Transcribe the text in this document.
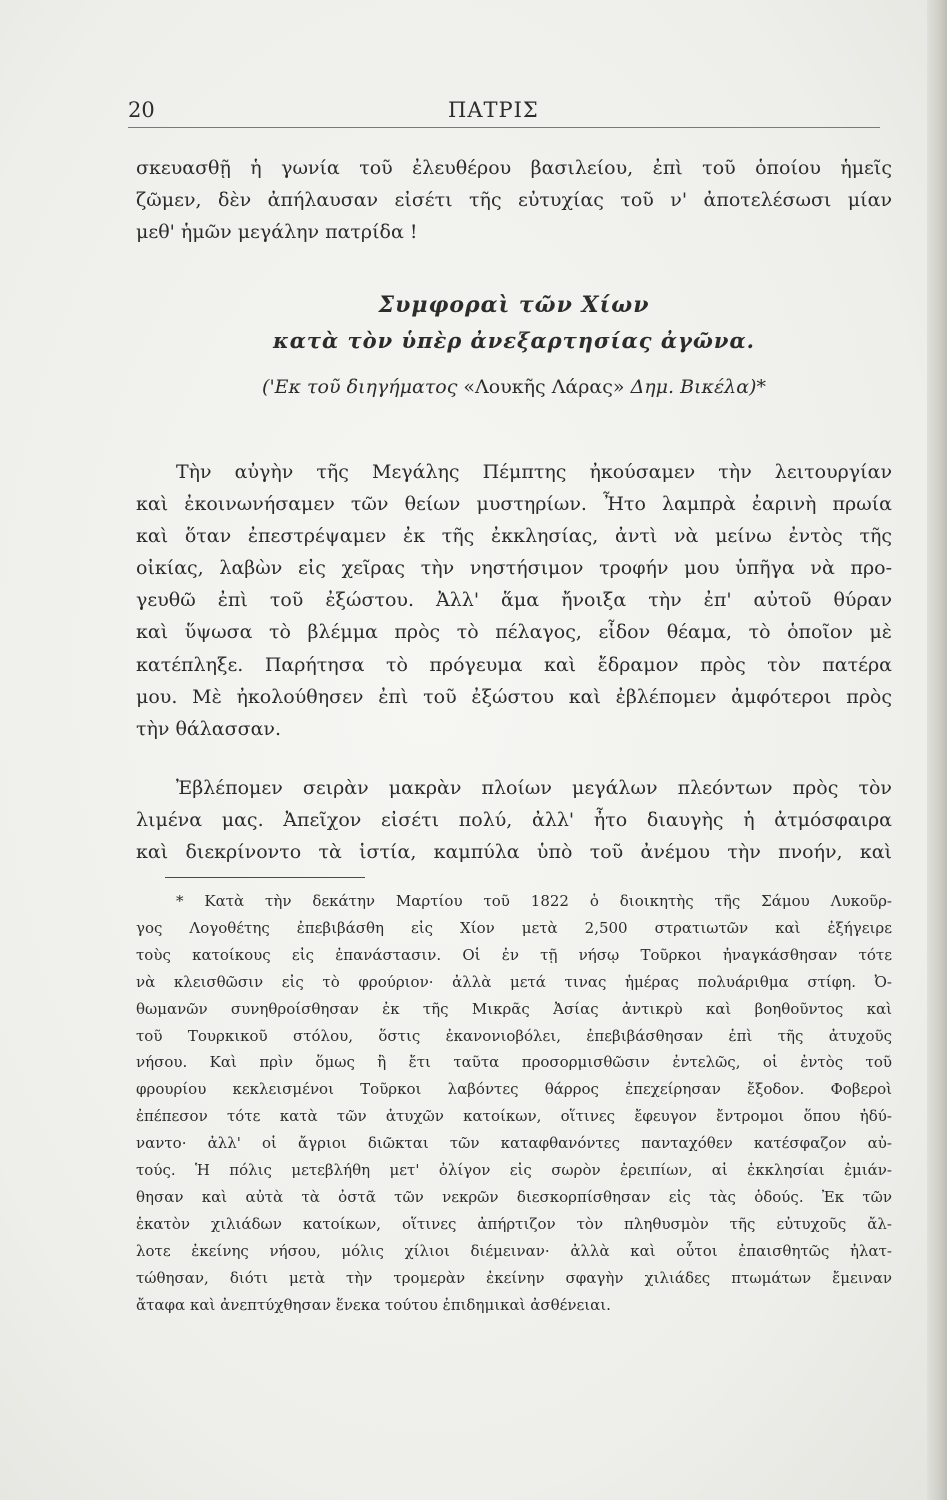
20	ΠΑΤΡΙΣ
σκευασθῇ ἡ γωνία τοῦ ἐλευθέρου βασιλείου, ἐπὶ τοῦ ὁποίου ἡμεῖς
ζῶμεν, δὲν ἀπήλαυσαν εἰσέτι τῆς εὐτυχίας τοῦ ν' ἀποτελέσωσι μίαν
μεθ' ἡμῶν μεγάλην πατρίδα !
Συμφοραὶ τῶν Χίων
κατὰ τὸν ὑπὲρ ἀνεξαρτησίας ἀγῶνα.
('Εκ τοῦ διηγήματος «Λουκῆς Λάρας» Δημ. Βικέλα)*
Τὴν αὐγὴν τῆς Μεγάλης Πέμπτης ἠκούσαμεν τὴν λειτουργίαν
καὶ ἐκοινωνήσαμεν τῶν θείων μυστηρίων. Ἦτο λαμπρὰ ἐαρινὴ πρωία
καὶ ὅταν ἐπεστρέψαμεν ἐκ τῆς ἐκκλησίας, ἀντὶ νὰ μείνω ἐντὸς τῆς
οἰκίας, λαβὼν εἰς χεῖρας τὴν νηστήσιμον τροφήν μου ὑπῆγα νὰ προ-
γευθῶ ἐπὶ τοῦ ἐξώστου. Ἀλλ' ἅμα ἤνοιξα τὴν ἐπ' αὐτοῦ θύραν
καὶ ὕψωσα τὸ βλέμμα πρὸς τὸ πέλαγος, εἶδον θέαμα, τὸ ὁποῖον μὲ
κατέπληξε. Παρήτησα τὸ πρόγευμα καὶ ἔδραμον πρὸς τὸν πατέρα
μου. Μὲ ἠκολούθησεν ἐπὶ τοῦ ἐξώστου καὶ ἐβλέπομεν ἀμφότεροι πρὸς
τὴν θάλασσαν.
Ἐβλέπομεν σειρὰν μακρὰν πλοίων μεγάλων πλεόντων πρὸς τὸν
λιμένα μας. Ἀπεῖχον εἰσέτι πολύ, ἀλλ' ἦτο διαυγὴς ἡ ἀτμόσφαιρα
καὶ διεκρίνοντο τὰ ἱστία, καμπύλα ὑπὸ τοῦ ἀνέμου τὴν πνοήν, καὶ
* Κατὰ τὴν δεκάτην Μαρτίου τοῦ 1822 ὁ διοικητὴς τῆς Σάμου Λυκοῦρ-
γος Λογοθέτης ἐπεβιβάσθη εἰς Χίον μετὰ 2,500 στρατιωτῶν καὶ ἐξήγειρε
τοὺς κατοίκους εἰς ἐπανάστασιν. Οἱ ἐν τῇ νήσῳ Τοῦρκοι ἠναγκάσθησαν τότε
νὰ κλεισθῶσιν εἰς τὸ φρούριον· ἀλλὰ μετά τινας ἡμέρας πολυάριθμα στίφη. Ὀ-
θωμανῶν συνηθροίσθησαν ἐκ τῆς Μικρᾶς Ἀσίας ἀντικρὺ καὶ βοηθοῦντος καὶ
τοῦ Τουρκικοῦ στόλου, ὅστις ἐκανονιοβόλει, ἐπεβιβάσθησαν ἐπὶ τῆς ἀτυχοῦς
νήσου. Καὶ πρὶν ὅμως ἢ ἔτι ταῦτα προσορμισθῶσιν ἐντελῶς, οἱ ἐντὸς τοῦ
φρουρίου κεκλεισμένοι Τοῦρκοι λαβόντες θάρρος ἐπεχείρησαν ἔξοδον. Φοβεροὶ
ἐπέπεσον τότε κατὰ τῶν ἀτυχῶν κατοίκων, οἵτινες ἔφευγον ἔντρομοι ὅπου ἠδύ-
ναντο· ἀλλ' οἱ ἄγριοι διῶκται τῶν καταφθανόντες πανταχόθεν κατέσφαζον αὐ-
τούς. Ἡ πόλις μετεβλήθη μετ' ὀλίγον εἰς σωρὸν ἐρειπίων, αἱ ἐκκλησίαι ἐμιάν-
θησαν καὶ αὐτὰ τὰ ὀστᾶ τῶν νεκρῶν διεσκορπίσθησαν εἰς τὰς ὁδούς. Ἐκ τῶν
ἑκατὸν χιλιάδων κατοίκων, οἵτινες ἀπήρτιζον τὸν πληθυσμὸν τῆς εὐτυχοῦς ἄλ-
λοτε ἐκείνης νήσου, μόλις χίλιοι διέμειναν· ἀλλὰ καὶ οὗτοι ἐπαισθητῶς ἠλατ-
τώθησαν, διότι μετὰ τὴν τρομερὰν ἐκείνην σφαγὴν χιλιάδες πτωμάτων ἔμειναν
ἄταφα καὶ ἀνεπτύχθησαν ἕνεκα τούτου ἐπιδημικαὶ ἀσθένειαι.
